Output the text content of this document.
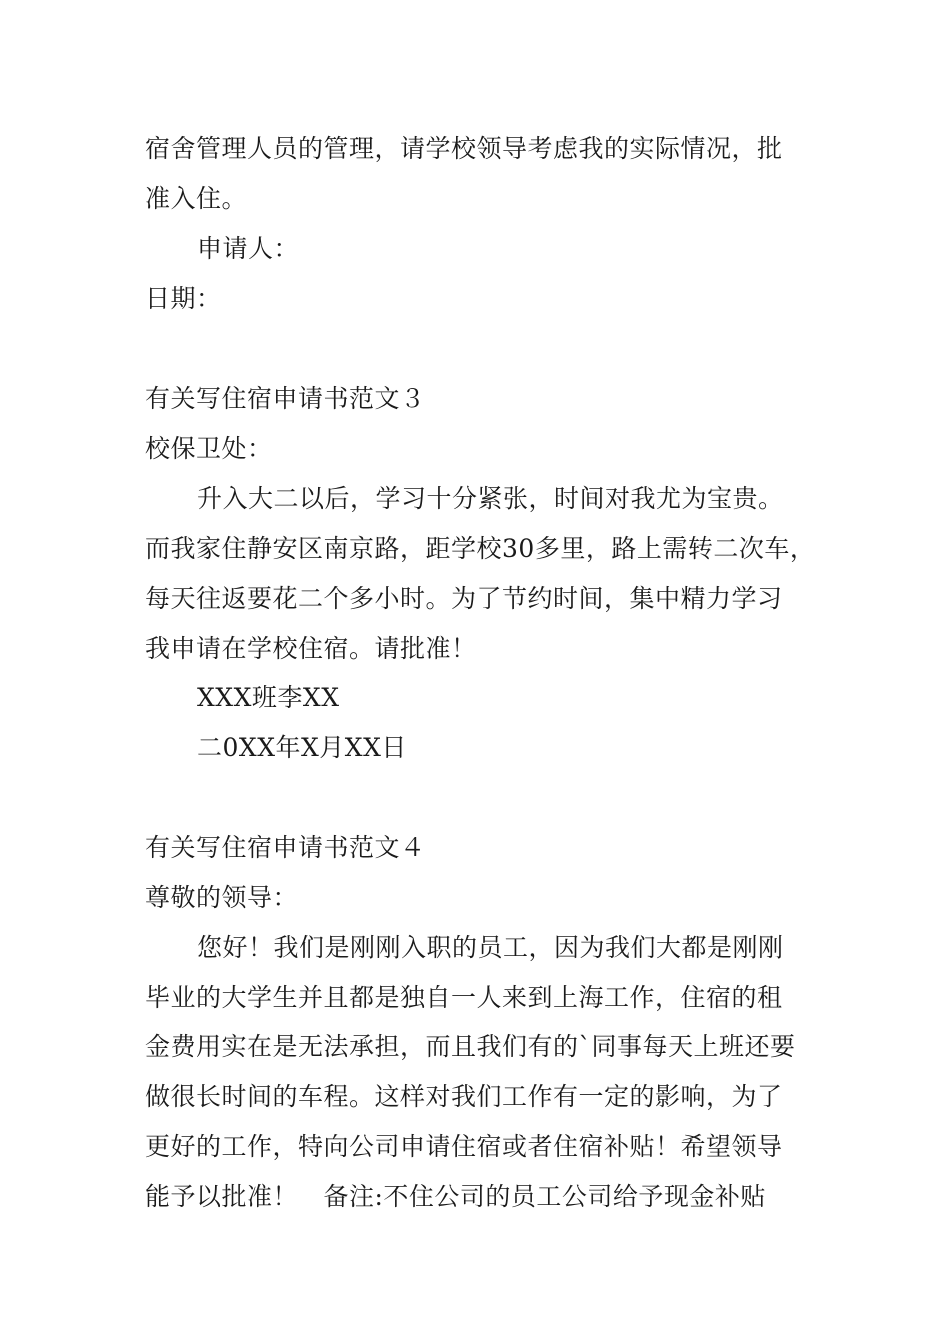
宿舍管理人员的管理，请学校领导考虑我的实际情况，批
准入住。
申请人：
日期：
有关写住宿申请书范文３
校保卫处：
升入大二以后，学习十分紧张，时间对我尤为宝贵。
而我家住静安区南京路，距学校30多里，路上需转二次车，
每天往返要花二个多小时。为了节约时间，集中精力学习
我申请在学校住宿。请批准！
XXX班李XX
二0XX年X月XX日
有关写住宿申请书范文４
尊敬的领导：
您好！我们是刚刚入职的员工，因为我们大都是刚刚
毕业的大学生并且都是独自一人来到上海工作，住宿的租
金费用实在是无法承担，而且我们有的`同事每天上班还要
做很长时间的车程。这样对我们工作有一定的影响，为了
更好的工作，特向公司申请住宿或者住宿补贴！希望领导
能予以批准！　备注:不住公司的员工公司给予现金补贴
